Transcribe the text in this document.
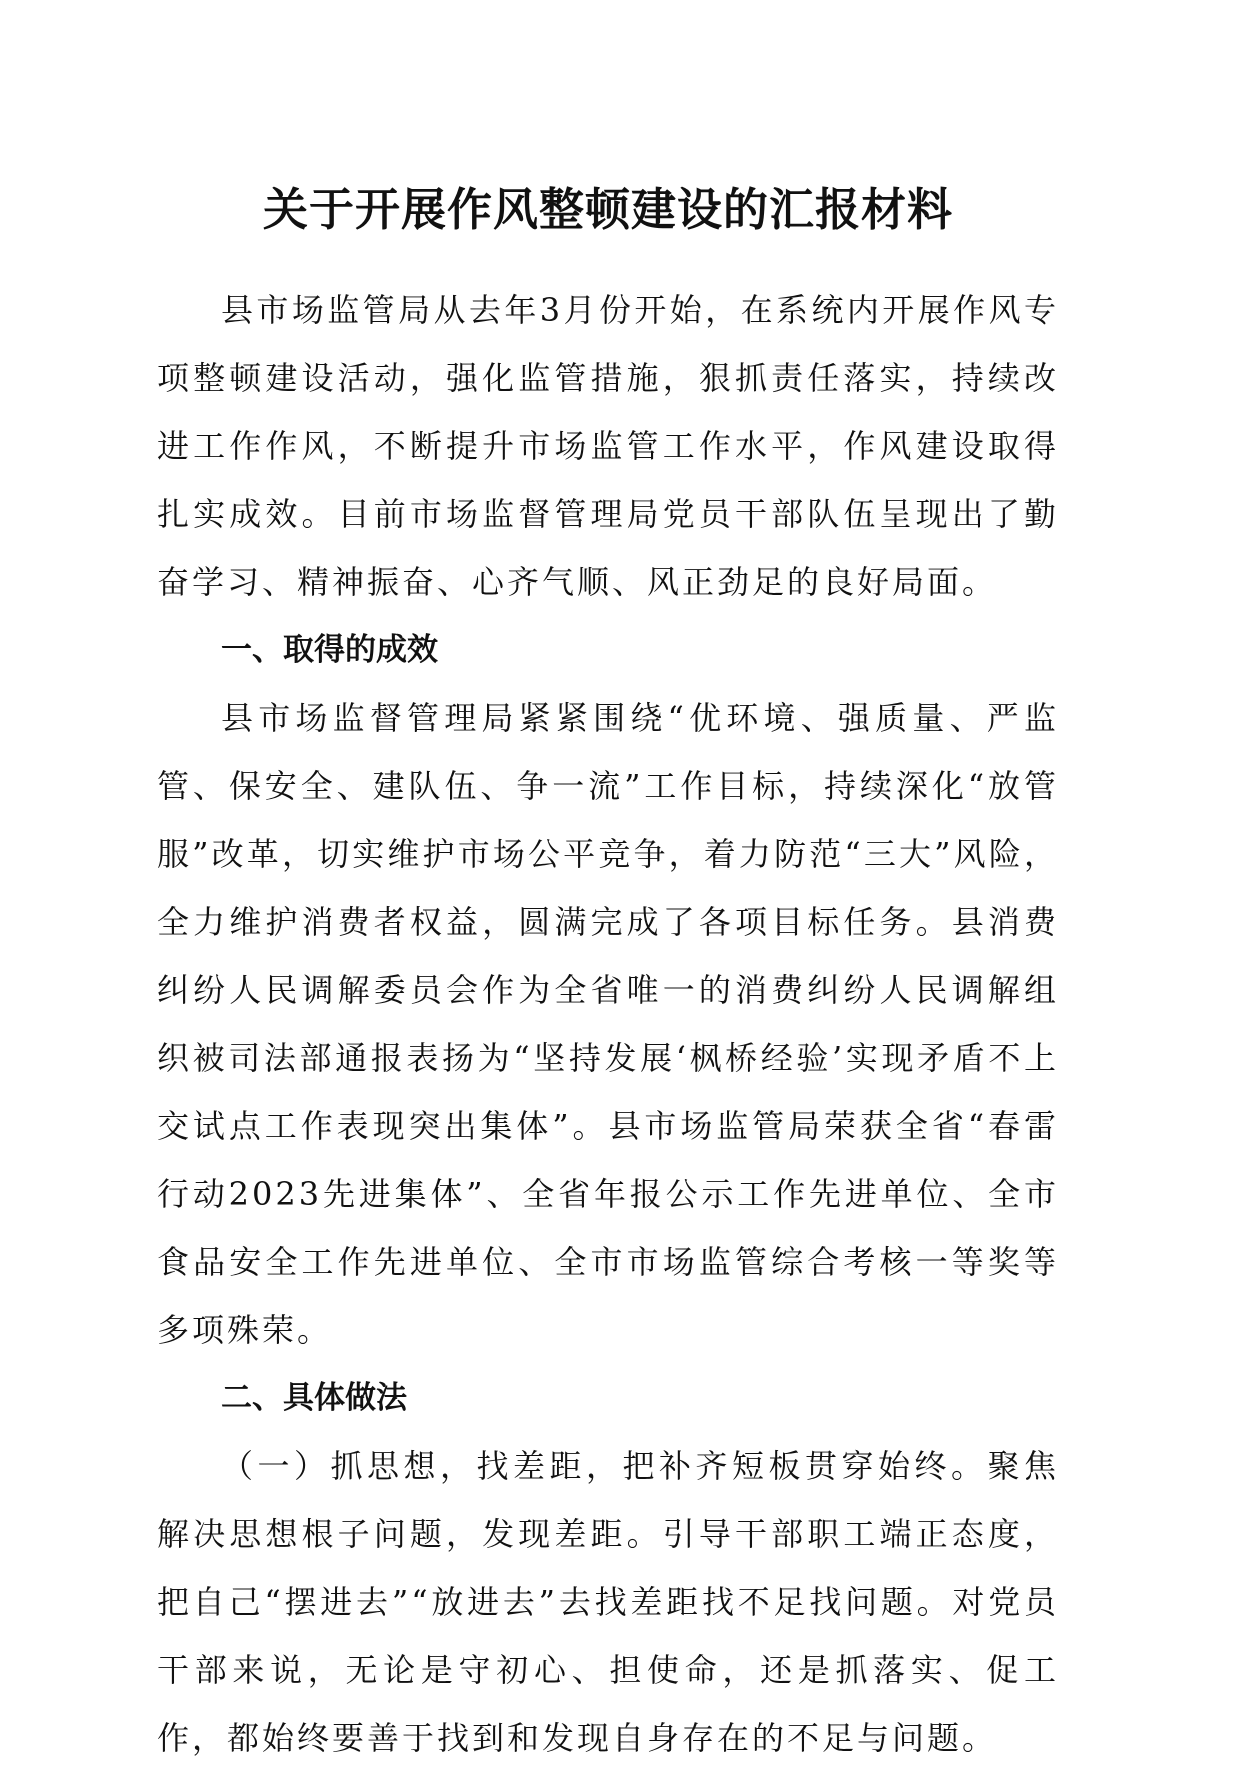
关于开展作风整顿建设的汇报材料

县市场监管局从去年3月份开始，在系统内开展作风专项整顿建设活动，强化监管措施，狠抓责任落实，持续改进工作作风，不断提升市场监管工作水平，作风建设取得扎实成效。目前市场监督管理局党员干部队伍呈现出了勤奋学习、精神振奋、心齐气顺、风正劲足的良好局面。

一、取得的成效

县市场监督管理局紧紧围绕“优环境、强质量、严监管、保安全、建队伍、争一流”工作目标，持续深化“放管服”改革，切实维护市场公平竞争，着力防范“三大”风险，全力维护消费者权益，圆满完成了各项目标任务。县消费纠纷人民调解委员会作为全省唯一的消费纠纷人民调解组织被司法部通报表扬为“坚持发展‘枫桥经验’实现矛盾不上交试点工作表现突出集体”。县市场监管局荣获全省“春雷行动2023先进集体”、全省年报公示工作先进单位、全市食品安全工作先进单位、全市市场监管综合考核一等奖等多项殊荣。

二、具体做法

（一）抓思想，找差距，把补齐短板贯穿始终。聚焦解决思想根子问题，发现差距。引导干部职工端正态度，把自己“摆进去”“放进去”去找差距找不足找问题。对党员干部来说，无论是守初心、担使命，还是抓落实、促工作，都始终要善于找到和发现自身存在的不足与问题。
